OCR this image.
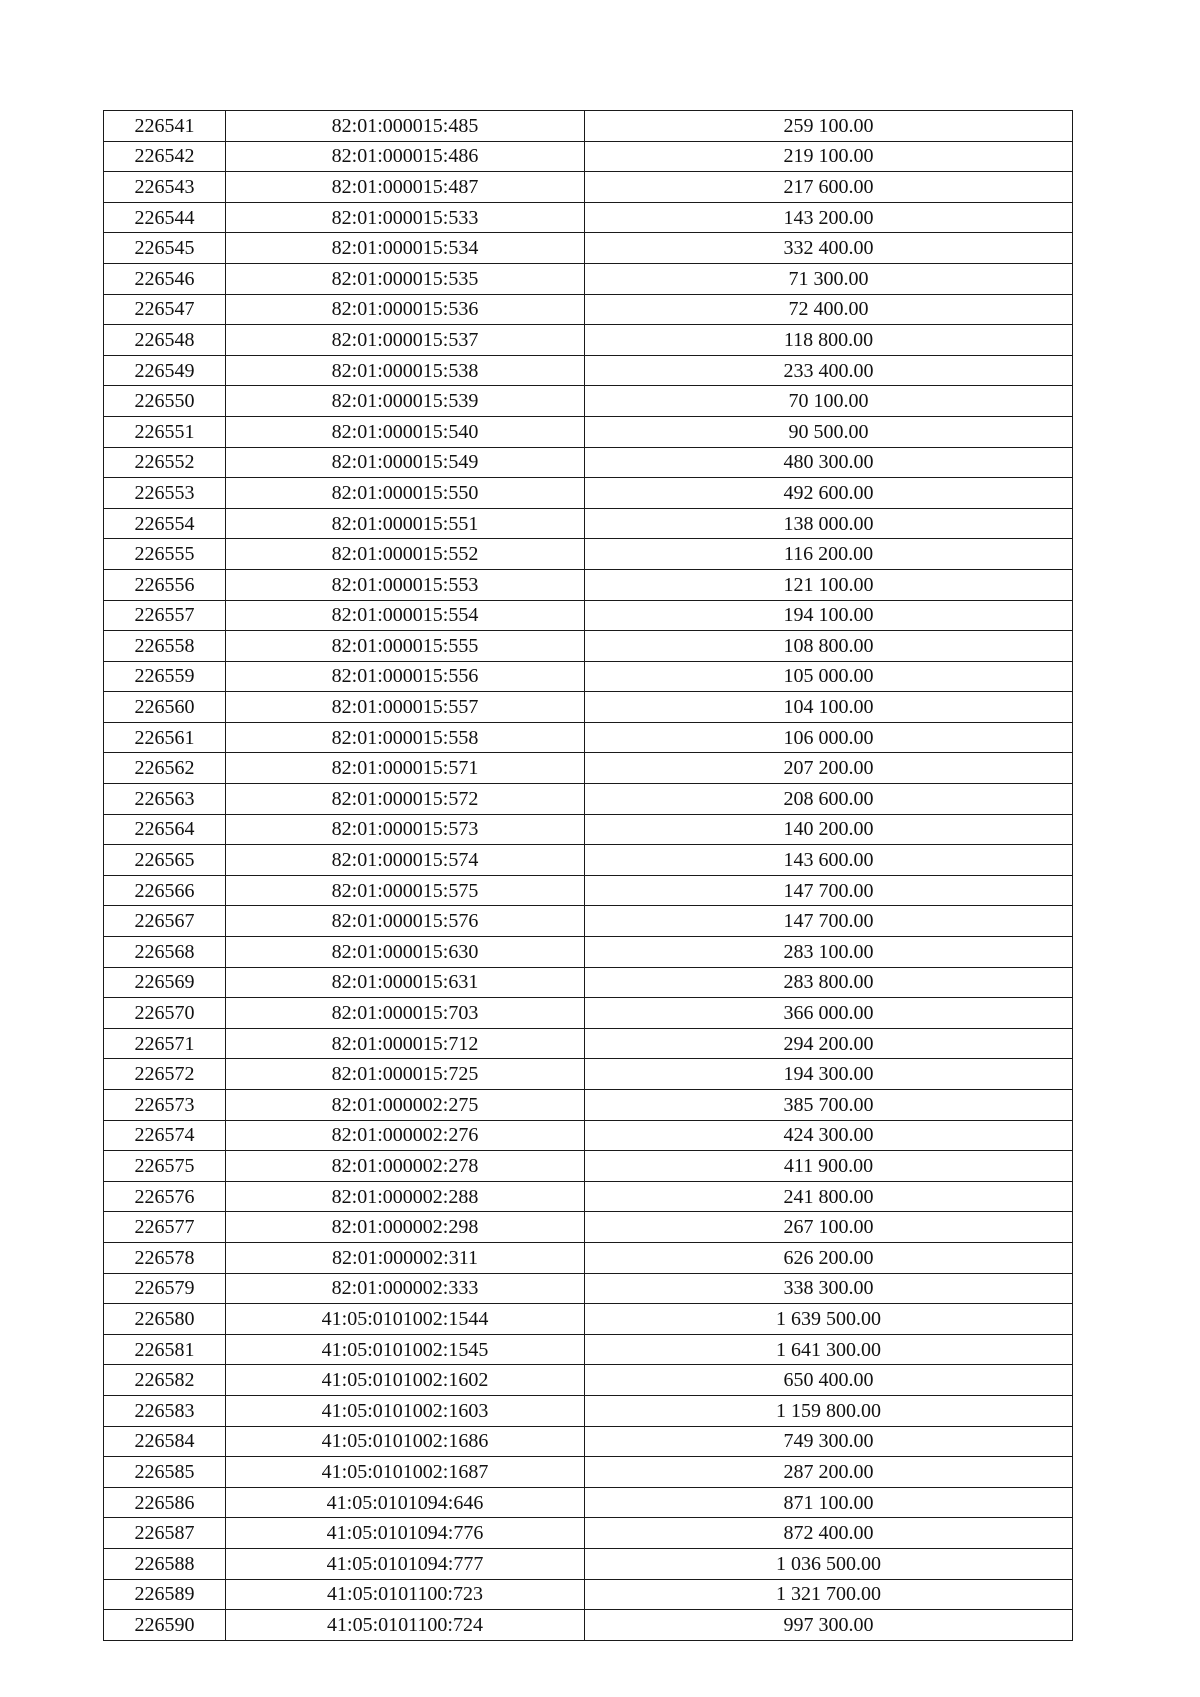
226541	82:01:000015:485	259 100.00
226542	82:01:000015:486	219 100.00
226543	82:01:000015:487	217 600.00
226544	82:01:000015:533	143 200.00
226545	82:01:000015:534	332 400.00
226546	82:01:000015:535	71 300.00
226547	82:01:000015:536	72 400.00
226548	82:01:000015:537	118 800.00
226549	82:01:000015:538	233 400.00
226550	82:01:000015:539	70 100.00
226551	82:01:000015:540	90 500.00
226552	82:01:000015:549	480 300.00
226553	82:01:000015:550	492 600.00
226554	82:01:000015:551	138 000.00
226555	82:01:000015:552	116 200.00
226556	82:01:000015:553	121 100.00
226557	82:01:000015:554	194 100.00
226558	82:01:000015:555	108 800.00
226559	82:01:000015:556	105 000.00
226560	82:01:000015:557	104 100.00
226561	82:01:000015:558	106 000.00
226562	82:01:000015:571	207 200.00
226563	82:01:000015:572	208 600.00
226564	82:01:000015:573	140 200.00
226565	82:01:000015:574	143 600.00
226566	82:01:000015:575	147 700.00
226567	82:01:000015:576	147 700.00
226568	82:01:000015:630	283 100.00
226569	82:01:000015:631	283 800.00
226570	82:01:000015:703	366 000.00
226571	82:01:000015:712	294 200.00
226572	82:01:000015:725	194 300.00
226573	82:01:000002:275	385 700.00
226574	82:01:000002:276	424 300.00
226575	82:01:000002:278	411 900.00
226576	82:01:000002:288	241 800.00
226577	82:01:000002:298	267 100.00
226578	82:01:000002:311	626 200.00
226579	82:01:000002:333	338 300.00
226580	41:05:0101002:1544	1 639 500.00
226581	41:05:0101002:1545	1 641 300.00
226582	41:05:0101002:1602	650 400.00
226583	41:05:0101002:1603	1 159 800.00
226584	41:05:0101002:1686	749 300.00
226585	41:05:0101002:1687	287 200.00
226586	41:05:0101094:646	871 100.00
226587	41:05:0101094:776	872 400.00
226588	41:05:0101094:777	1 036 500.00
226589	41:05:0101100:723	1 321 700.00
226590	41:05:0101100:724	997 300.00
